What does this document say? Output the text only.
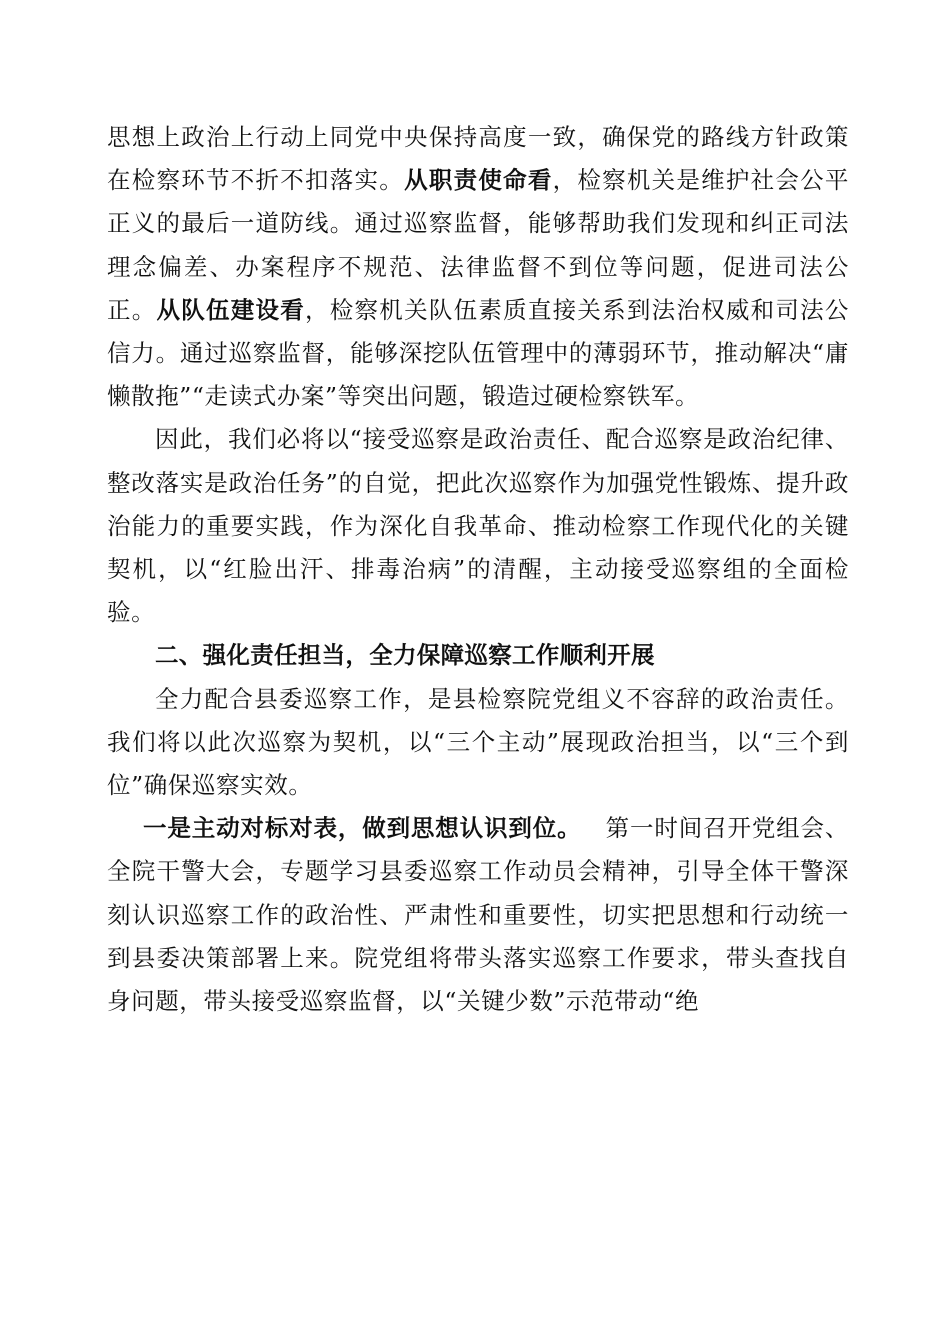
思想上政治上行动上同党中央保持高度一致，确保党的路线方针政策在检察环节不折不扣落实。从职责使命看，检察机关是维护社会公平正义的最后一道防线。通过巡察监督，能够帮助我们发现和纠正司法理念偏差、办案程序不规范、法律监督不到位等问题，促进司法公正。从队伍建设看，检察机关队伍素质直接关系到法治权威和司法公信力。通过巡察监督，能够深挖队伍管理中的薄弱环节，推动解决“庸懒散拖”“走读式办案”等突出问题，锻造过硬检察铁军。

因此，我们必将以“接受巡察是政治责任、配合巡察是政治纪律、整改落实是政治任务”的自觉，把此次巡察作为加强党性锻炼、提升政治能力的重要实践，作为深化自我革命、推动检察工作现代化的关键契机，以“红脸出汗、排毒治病”的清醒，主动接受巡察组的全面检验。

二、强化责任担当，全力保障巡察工作顺利开展

全力配合县委巡察工作，是县检察院党组义不容辞的政治责任。我们将以此次巡察为契机，以“三个主动”展现政治担当，以“三个到位”确保巡察实效。

一是主动对标对表，做到思想认识到位。 第一时间召开党组会、全院干警大会，专题学习县委巡察工作动员会精神，引导全体干警深刻认识巡察工作的政治性、严肃性和重要性，切实把思想和行动统一到县委决策部署上来。院党组将带头落实巡察工作要求，带头查找自身问题，带头接受巡察监督，以“关键少数”示范带动“绝
